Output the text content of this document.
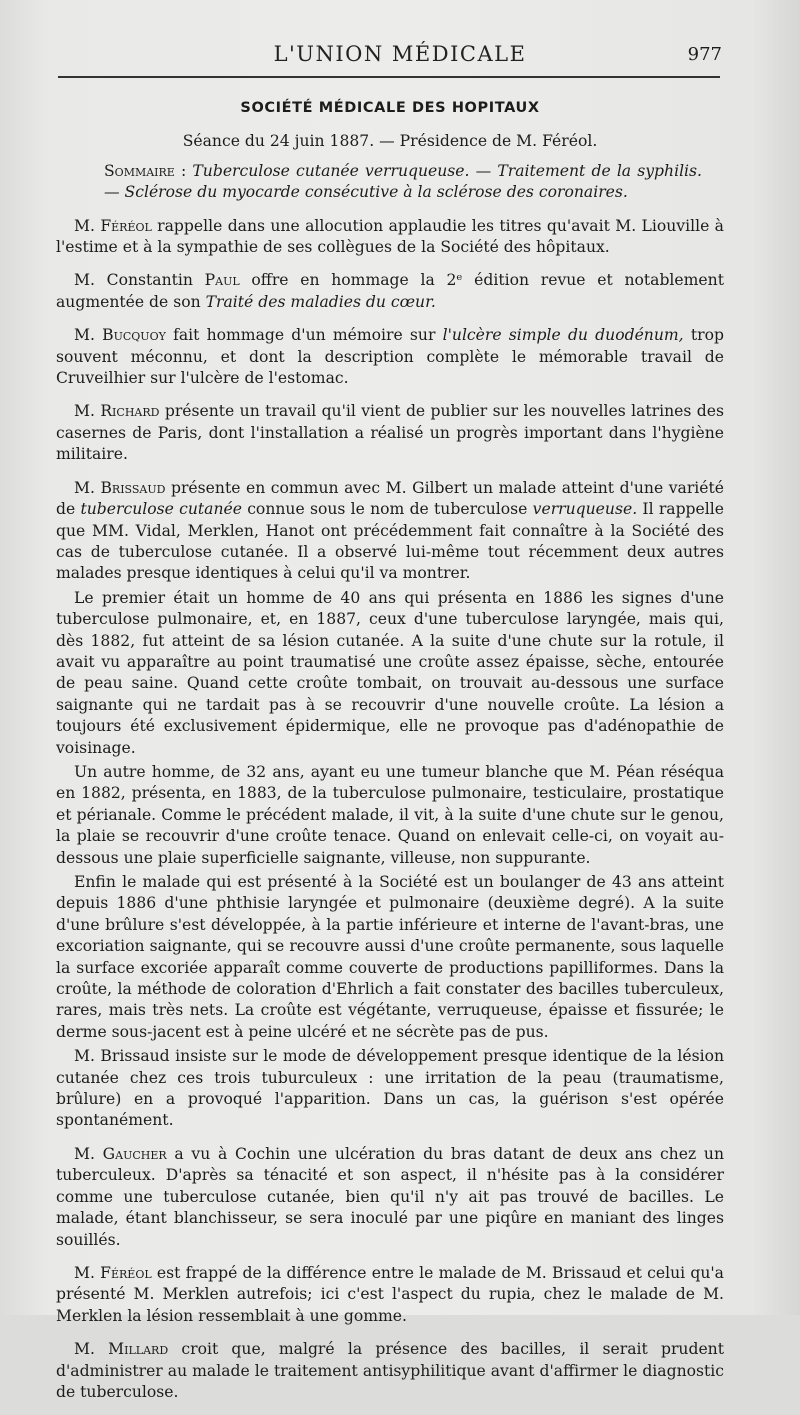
L'UNION MÉDICALE	977
SOCIÉTÉ MÉDICALE DES HOPITAUX
Séance du 24 juin 1887. — Présidence de M. Féréol.
Sommaire : Tuberculose cutanée verruqueuse. — Traitement de la syphilis. — Sclérose du myocarde consécutive à la sclérose des coronaires.

M. Féréol rappelle dans une allocution applaudie les titres qu'avait M. Liouville à l'estime et à la sympathie de ses collègues de la Société des hôpitaux.

M. Constantin Paul offre en hommage la 2ᵉ édition revue et notablement augmentée de son Traité des maladies du cœur.

M. Bucquoy fait hommage d'un mémoire sur l'ulcère simple du duodénum, trop souvent méconnu, et dont la description complète le mémorable travail de Cruveilhier sur l'ulcère de l'estomac.

M. Richard présente un travail qu'il vient de publier sur les nouvelles latrines des casernes de Paris, dont l'installation a réalisé un progrès important dans l'hygiène militaire.

M. Brissaud présente en commun avec M. Gilbert un malade atteint d'une variété de tuberculose cutanée connue sous le nom de tuberculose verruqueuse. Il rappelle que MM. Vidal, Merklen, Hanot ont précédemment fait connaître à la Société des cas de tuberculose cutanée. Il a observé lui-même tout récemment deux autres malades presque identiques à celui qu'il va montrer.

Le premier était un homme de 40 ans qui présenta en 1886 les signes d'une tuberculose pulmonaire, et, en 1887, ceux d'une tuberculose laryngée, mais qui, dès 1882, fut atteint de sa lésion cutanée. A la suite d'une chute sur la rotule, il avait vu apparaître au point traumatisé une croûte assez épaisse, sèche, entourée de peau saine. Quand cette croûte tombait, on trouvait au-dessous une surface saignante qui ne tardait pas à se recouvrir d'une nouvelle croûte. La lésion a toujours été exclusivement épidermique, elle ne provoque pas d'adénopathie de voisinage.

Un autre homme, de 32 ans, ayant eu une tumeur blanche que M. Péan réséqua en 1882, présenta, en 1883, de la tuberculose pulmonaire, testiculaire, prostatique et périanale. Comme le précédent malade, il vit, à la suite d'une chute sur le genou, la plaie se recouvrir d'une croûte tenace. Quand on enlevait celle-ci, on voyait au-dessous une plaie superficielle saignante, villeuse, non suppurante.

Enfin le malade qui est présenté à la Société est un boulanger de 43 ans atteint depuis 1886 d'une phthisie laryngée et pulmonaire (deuxième degré). A la suite d'une brûlure s'est développée, à la partie inférieure et interne de l'avant-bras, une excoriation saignante, qui se recouvre aussi d'une croûte permanente, sous laquelle la surface excoriée apparaît comme couverte de productions papilliformes. Dans la croûte, la méthode de coloration d'Ehrlich a fait constater des bacilles tuberculeux, rares, mais très nets. La croûte est végétante, verruqueuse, épaisse et fissurée; le derme sous-jacent est à peine ulcéré et ne sécrète pas de pus.

M. Brissaud insiste sur le mode de développement presque identique de la lésion cutanée chez ces trois tuburculeux : une irritation de la peau (traumatisme, brûlure) en a provoqué l'apparition. Dans un cas, la guérison s'est opérée spontanément.

M. Gaucher a vu à Cochin une ulcération du bras datant de deux ans chez un tuberculeux. D'après sa ténacité et son aspect, il n'hésite pas à la considérer comme une tuberculose cutanée, bien qu'il n'y ait pas trouvé de bacilles. Le malade, étant blanchisseur, se sera inoculé par une piqûre en maniant des linges souillés.

M. Féréol est frappé de la différence entre le malade de M. Brissaud et celui qu'a présenté M. Merklen autrefois; ici c'est l'aspect du rupia, chez le malade de M. Merklen la lésion ressemblait à une gomme.

M. Millard croit que, malgré la présence des bacilles, il serait prudent d'administrer au malade le traitement antisyphilitique avant d'affirmer le diagnostic de tuberculose.
